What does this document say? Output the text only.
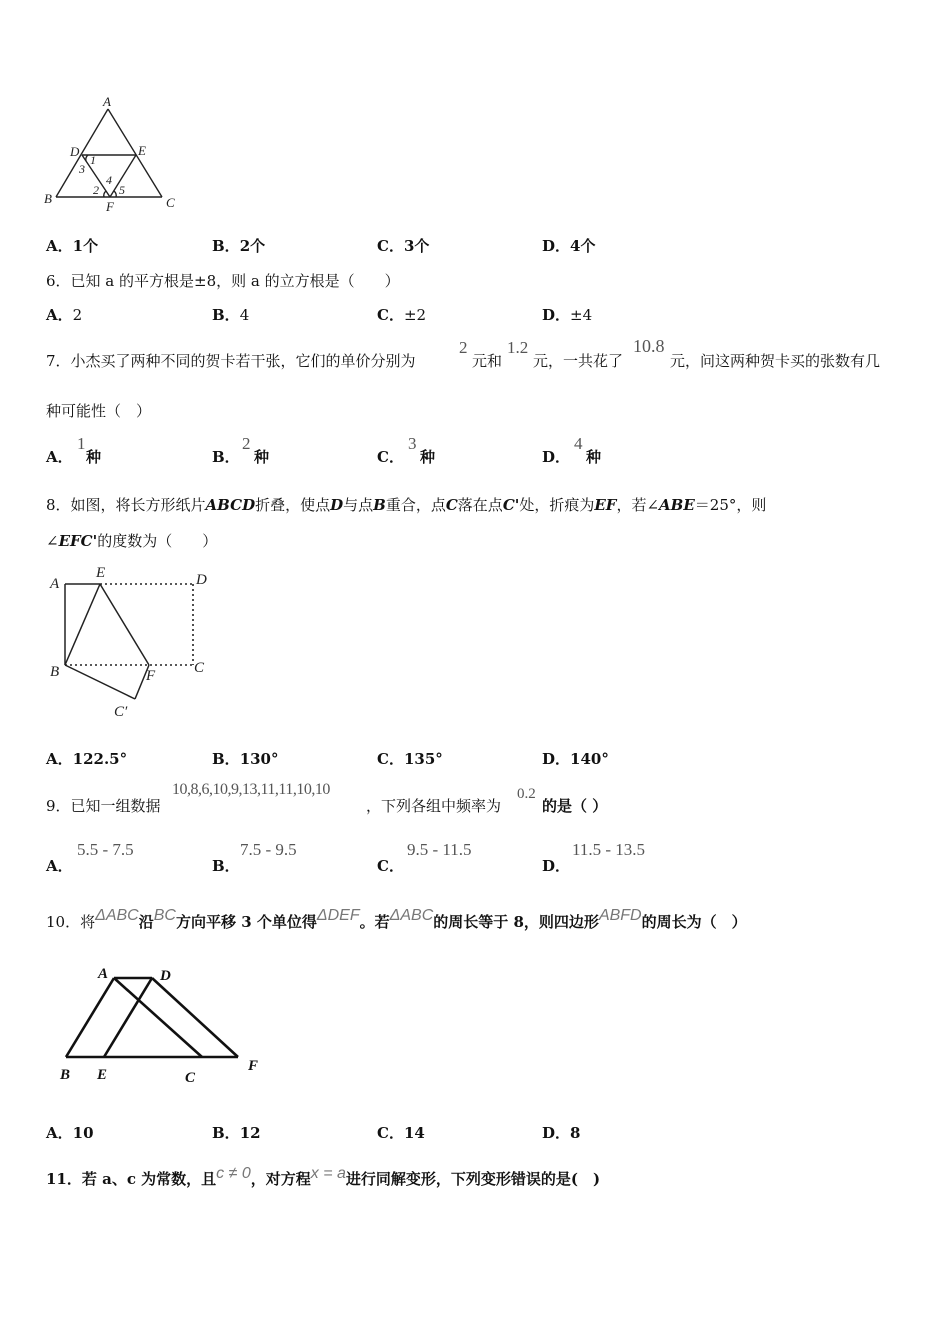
A
D	E
B	C
F
1
3
4
2 5
A．1个	B．2个	C．3个	D．4个
6．已知 a 的平方根是±8，则 a 的立方根是（　　）
A．2	B．4	C．±2	D．±4
7．小杰买了两种不同的贺卡若干张，它们的单价分别为
2
元和
1.2
元，一共花了
10.8
元，问这两种贺卡买的张数有几
种可能性（　）
A．
1
种	B．
2
种	C．
3
种	D．
4
种
8．如图，将长方形纸片ABCD折叠，使点D与点B重合，点C落在点C'处，折痕为EF，若∠ABE＝25°，则
∠EFC'的度数为（　　）
A
E	D
B	F	C
C′
A．122.5°	B．130°	C．135°	D．140°
9．已知一组数据
10,8,6,10,9,13,11,11,10,10
，下列各组中频率为
0.2
的是（ ）
A．
5.5 - 7.5
B．
7.5 - 9.5
C．
9.5 - 11.5
D．
11.5 - 13.5
10．将ΔABC沿BC方向平移 3 个单位得ΔDEF。若ΔABC的周长等于 8，则四边形ABFD的周长为（　）
A	D
B E	C
F
A．10	B．12	C．14	D．8
11．若 a、c 为常数，且c ≠ 0，对方程x = a进行同解变形，下列变形错误的是(　)
